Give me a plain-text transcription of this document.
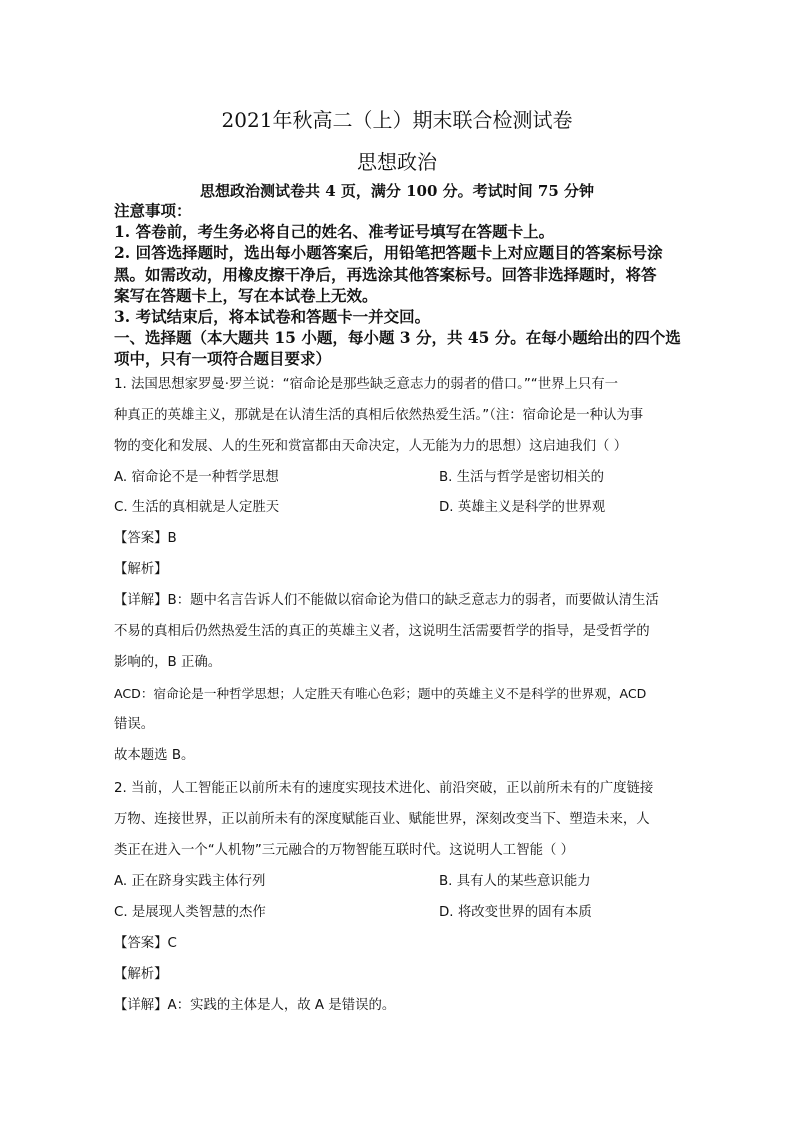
2021年秋高二（上）期末联合检测试卷
思想政治
思想政治测试卷共 4 页，满分 100 分。考试时间 75 分钟
注意事项：
1. 答卷前，考生务必将自己的姓名、准考证号填写在答题卡上。
2. 回答选择题时，选出每小题答案后，用铅笔把答题卡上对应题目的答案标号涂
黑。如需改动，用橡皮擦干净后，再选涂其他答案标号。回答非选择题时，将答
案写在答题卡上，写在本试卷上无效。
3. 考试结束后，将本试卷和答题卡一并交回。
一、选择题（本大题共 15 小题，每小题 3 分，共 45 分。在每小题给出的四个选
项中，只有一项符合题目要求）
1. 法国思想家罗曼·罗兰说：“宿命论是那些缺乏意志力的弱者的借口。”“世界上只有一
种真正的英雄主义，那就是在认清生活的真相后依然热爱生活。”（注：宿命论是一种认为事
物的变化和发展、人的生死和赏富都由天命决定，人无能为力的思想）这启迪我们（ ）
A. 宿命论不是一种哲学思想	B. 生活与哲学是密切相关的
C. 生活的真相就是人定胜天	D. 英雄主义是科学的世界观
【答案】B
【解析】
【详解】B：题中名言告诉人们不能做以宿命论为借口的缺乏意志力的弱者，而要做认清生活
不易的真相后仍然热爱生活的真正的英雄主义者，这说明生活需要哲学的指导，是受哲学的
影响的，B 正确。
ACD：宿命论是一种哲学思想；人定胜天有唯心色彩；题中的英雄主义不是科学的世界观，ACD
错误。
故本题选 B。
2. 当前，人工智能正以前所未有的速度实现技术进化、前沿突破，正以前所未有的广度链接
万物、连接世界，正以前所未有的深度赋能百业、赋能世界，深刻改变当下、塑造未来，人
类正在进入一个“人机物”三元融合的万物智能互联时代。这说明人工智能（ ）
A. 正在跻身实践主体行列	B. 具有人的某些意识能力
C. 是展现人类智慧的杰作	D. 将改变世界的固有本质
【答案】C
【解析】
【详解】A：实践的主体是人，故 A 是错误的。
